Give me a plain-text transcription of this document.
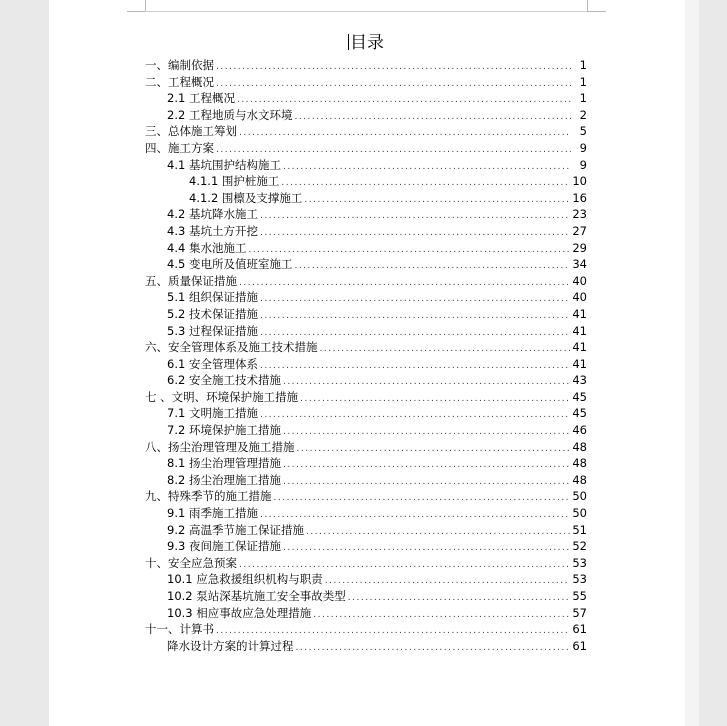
目录
一、编制依据 .....	1
二、工程概况 .....	1
2.1 工程概况 .....	1
2.2 工程地质与水文环境 .....	2
三、总体施工筹划 .....	5
四、施工方案 .....	9
4.1 基坑围护结构施工 .....	9
4.1.1 围护桩施工 .....	10
4.1.2 围檩及支撑施工 .....	16
4.2 基坑降水施工 .....	23
4.3 基坑土方开挖 .....	27
4.4 集水池施工 .....	29
4.5 变电所及值班室施工 .....	34
五、质量保证措施 .....	40
5.1 组织保证措施 .....	40
5.2 技术保证措施 .....	41
5.3 过程保证措施 .....	41
六、安全管理体系及施工技术措施 .....	41
6.1 安全管理体系 .....	41
6.2 安全施工技术措施 .....	43
七 、文明、环境保护施工措施 .....	45
7.1 文明施工措施 .....	45
7.2 环境保护施工措施 .....	46
八、扬尘治理管理及施工措施 .....	48
8.1 扬尘治理管理措施 .....	48
8.2 扬尘治理施工措施 .....	48
九、特殊季节的施工措施 .....	50
9.1 雨季施工措施 .....	50
9.2 高温季节施工保证措施 .....	51
9.3 夜间施工保证措施 .....	52
十、安全应急预案 .....	53
10.1 应急救援组织机构与职责 .....	53
10.2 泵站深基坑施工安全事故类型 .....	55
10.3 相应事故应急处理措施 .....	57
十一、计算书 .....	61
降水设计方案的计算过程 .....	61
